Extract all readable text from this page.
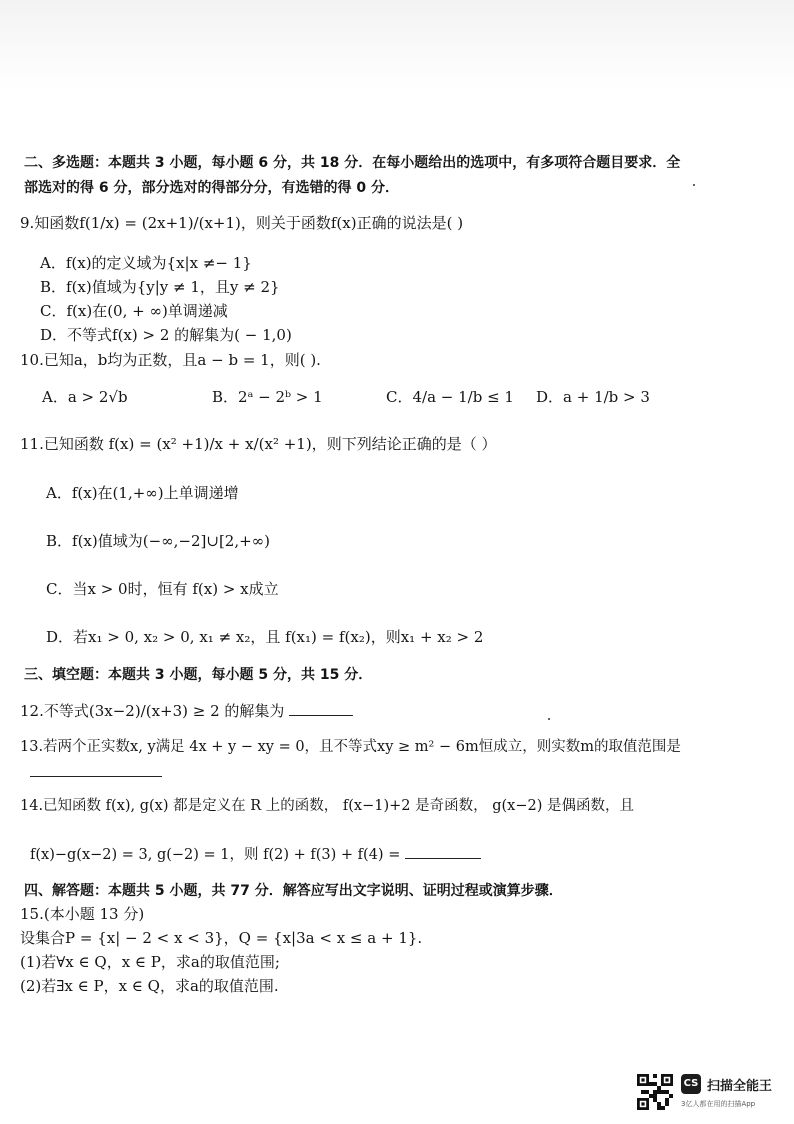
二、多选题：本题共 3 小题，每小题 6 分，共 18 分．在每小题给出的选项中，有多项符合题目要求．全
部选对的得 6 分，部分选对的得部分分，有选错的得 0 分．
9.知函数f(1/x) = (2x+1)/(x+1)，则关于函数f(x)正确的说法是( )
A．f(x)的定义域为{x|x ≠− 1}
B．f(x)值域为{y|y ≠ 1，且y ≠ 2}
C．f(x)在(0, + ∞)单调递减
D．不等式f(x) > 2 的解集为( − 1,0)
10.已知a，b均为正数，且a − b = 1，则( ).
A．a > 2√b	B．2ᵃ − 2ᵇ > 1	C．4/a − 1/b ≤ 1 D．a + 1/b > 3
11.已知函数 f(x) = (x² +1)/x + x/(x² +1)，则下列结论正确的是（ ）
A．f(x)在(1,+∞)上单调递增
B．f(x)值域为(−∞,−2]∪[2,+∞)
C．当x > 0时，恒有 f(x) > x成立
D．若x₁ > 0, x₂ > 0, x₁ ≠ x₂，且 f(x₁) = f(x₂)，则x₁ + x₂ > 2
三、填空题：本题共 3 小题，每小题 5 分，共 15 分．
12.不等式(3x−2)/(x+3) ≥ 2 的解集为
13.若两个正实数x, y满足 4x + y − xy = 0，且不等式xy ≥ m² − 6m恒成立，则实数m的取值范围是
14.已知函数 f(x), g(x) 都是定义在 R 上的函数， f(x−1)+2 是奇函数， g(x−2) 是偶函数，且
f(x)−g(x−2) = 3, g(−2) = 1，则 f(2) + f(3) + f(4) =
四、解答题：本题共 5 小题，共 77 分．解答应写出文字说明、证明过程或演算步骤．
15.(本小题 13 分)
设集合P = {x| − 2 < x < 3}，Q = {x|3a < x ≤ a + 1}.
(1)若∀x ∈ Q，x ∈ P，求a的取值范围;
(2)若∃x ∈ P，x ∈ Q，求a的取值范围.
CS 扫描全能王
3亿人都在用的扫描App
